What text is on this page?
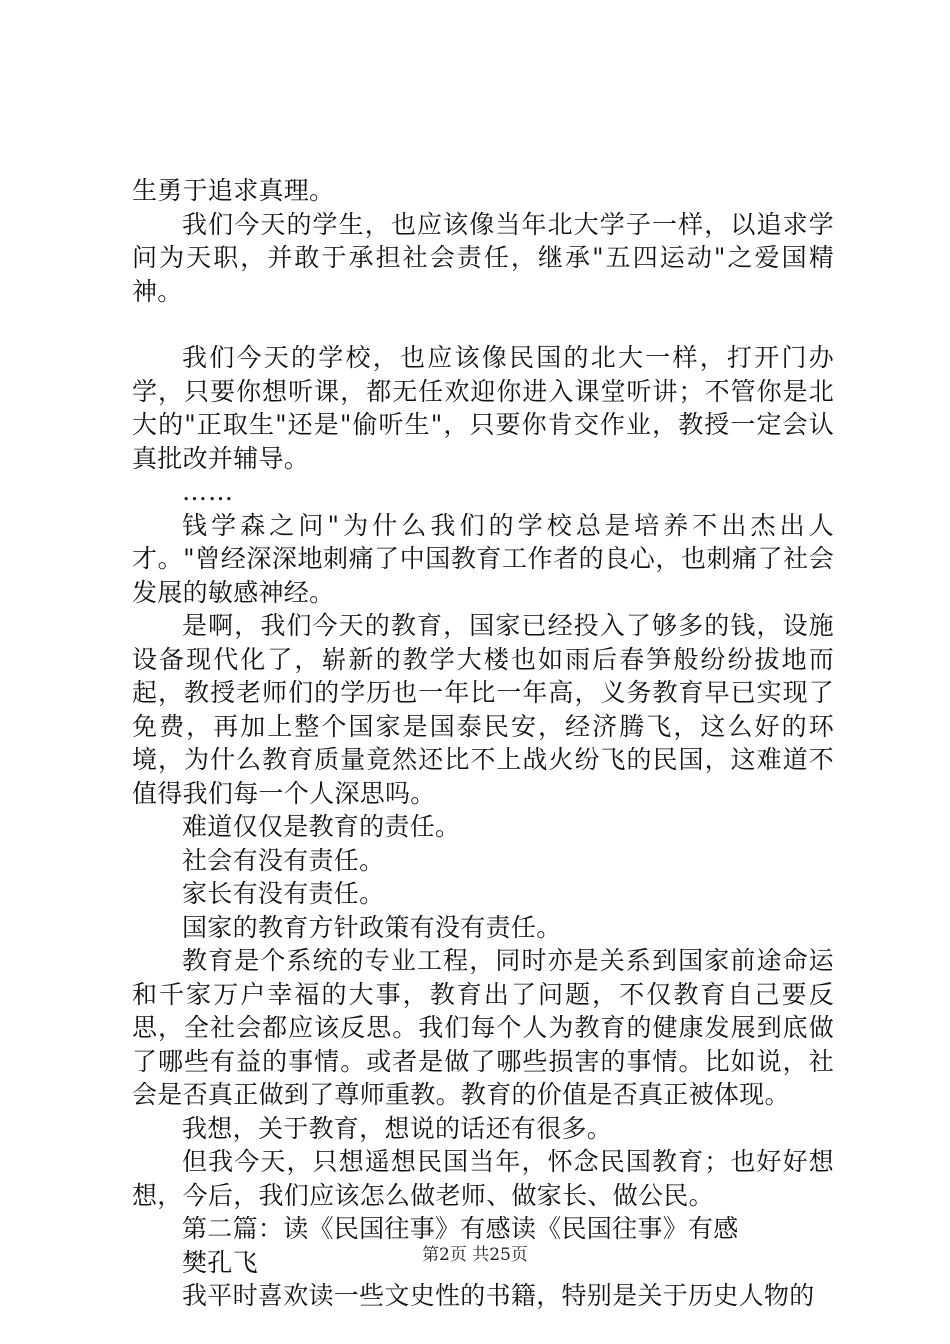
生勇于追求真理。

我们今天的学生，也应该像当年北大学子一样，以追求学问为天职，并敢于承担社会责任，继承"五四运动"之爱国精神。

我们今天的学校，也应该像民国的北大一样，打开门办学，只要你想听课，都无任欢迎你进入课堂听讲；不管你是北大的"正取生"还是"偷听生"，只要你肯交作业，教授一定会认真批改并辅导。

……

钱学森之问"为什么我们的学校总是培养不出杰出人才。"曾经深深地刺痛了中国教育工作者的良心，也刺痛了社会发展的敏感神经。

是啊，我们今天的教育，国家已经投入了够多的钱，设施设备现代化了，崭新的教学大楼也如雨后春笋般纷纷拔地而起，教授老师们的学历也一年比一年高，义务教育早已实现了免费，再加上整个国家是国泰民安，经济腾飞，这么好的环境，为什么教育质量竟然还比不上战火纷飞的民国，这难道不值得我们每一个人深思吗。

难道仅仅是教育的责任。

社会有没有责任。

家长有没有责任。

国家的教育方针政策有没有责任。

教育是个系统的专业工程，同时亦是关系到国家前途命运和千家万户幸福的大事，教育出了问题，不仅教育自己要反思，全社会都应该反思。我们每个人为教育的健康发展到底做了哪些有益的事情。或者是做了哪些损害的事情。比如说，社会是否真正做到了尊师重教。教育的价值是否真正被体现。

我想，关于教育，想说的话还有很多。

但我今天，只想遥想民国当年，怀念民国教育；也好好想想，今后，我们应该怎么做老师、做家长、做公民。

第二篇：读《民国往事》有感读《民国往事》有感

樊孔飞

我平时喜欢读一些文史性的书籍，特别是关于历史人物的

第2页 共25页
